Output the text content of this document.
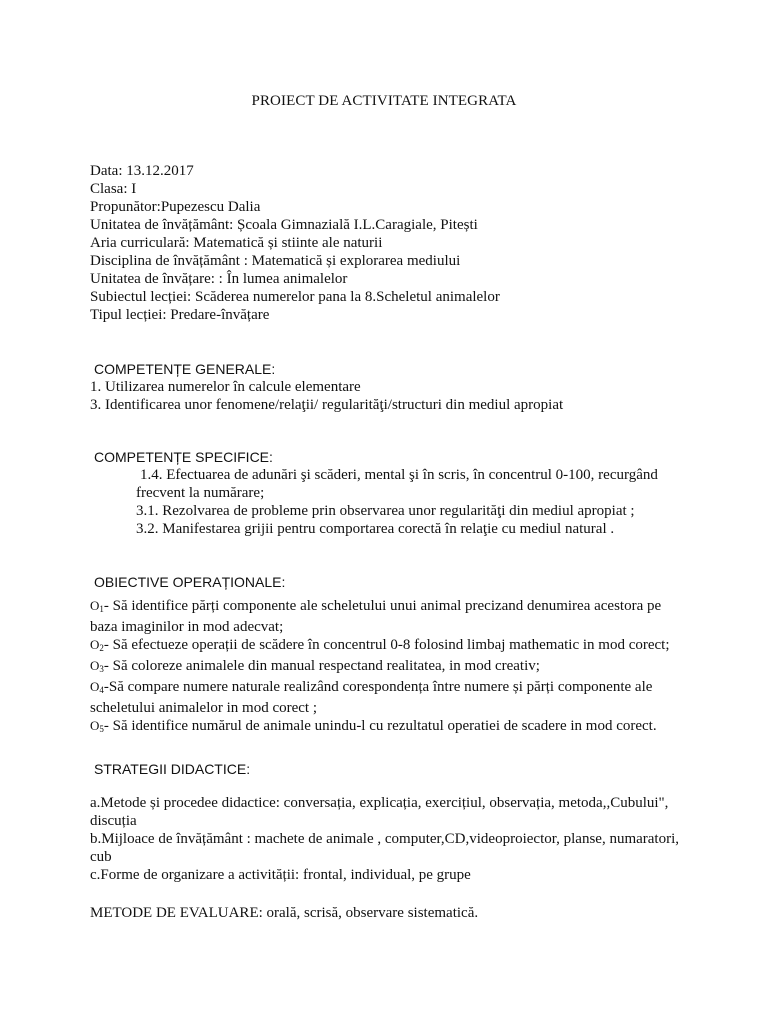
PROIECT DE ACTIVITATE INTEGRATA
Data: 13.12.2017
Clasa: I
Propunător:Pupezescu Dalia
Unitatea de învățământ: Școala Gimnazială I.L.Caragiale, Pitești
Aria curriculară: Matematică și stiinte ale naturii
Disciplina de învățământ : Matematică și explorarea mediului
Unitatea de învățare: : În lumea animalelor
Subiectul lecției: Scăderea numerelor pana la 8.Scheletul animalelor
Tipul lecției: Predare-învățare
COMPETENȚE GENERALE:
1. Utilizarea numerelor în calcule elementare
3. Identificarea unor fenomene/relaţii/ regularităţi/structuri din mediul apropiat
COMPETENȚE SPECIFICE:
1.4. Efectuarea de adunări şi scăderi, mental şi în scris, în concentrul 0-100, recurgând
frecvent la numărare;
3.1. Rezolvarea de probleme prin observarea unor regularităţi din mediul apropiat ;
3.2. Manifestarea grijii pentru comportarea corectă în relaţie cu mediul natural .
OBIECTIVE OPERAȚIONALE:
O1- Să identifice părți componente ale scheletului unui animal precizand denumirea acestora pe baza imaginilor in mod adecvat;
O2- Să efectueze operații de scădere în concentrul 0-8 folosind limbaj mathematic in mod corect;
O3- Să coloreze animalele din manual respectand realitatea, in mod creativ;
O4-Să compare numere naturale realizând corespondența între numere și părți componente ale scheletului animalelor in mod corect ;
O5- Să identifice numărul de animale unindu-l cu rezultatul operatiei de scadere in mod corect.
STRATEGII DIDACTICE:
a.Metode și procedee didactice: conversația, explicația, exercițiul, observația, metoda,,Cubului", discuția
b.Mijloace de învățământ : machete de animale , computer,CD,videoproiector, planse, numaratori, cub
c.Forme de organizare a activității: frontal, individual, pe grupe
METODE DE EVALUARE: orală, scrisă, observare sistematică.
